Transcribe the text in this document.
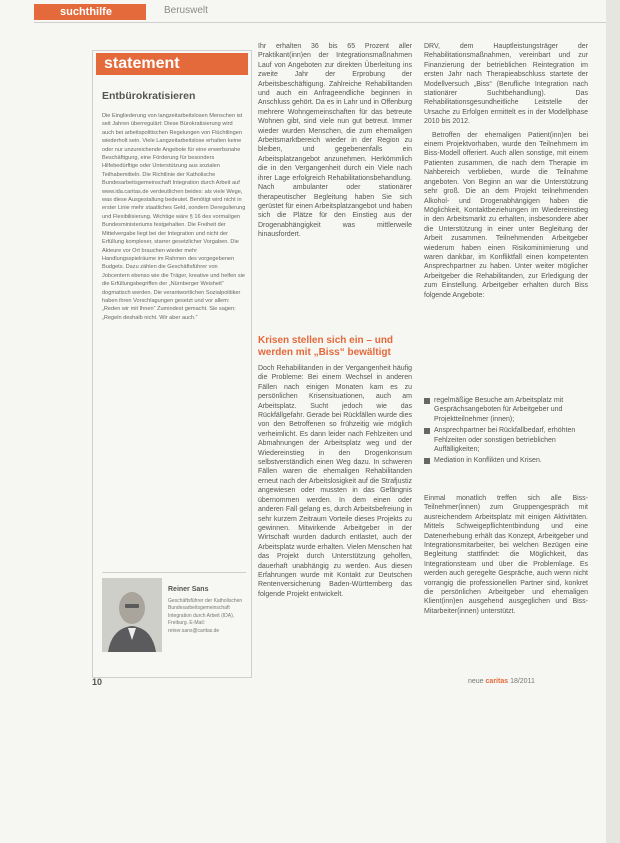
suchthilfe	Beruswelt
statement
Entbürokratisieren
Die Eingliederung von langzeitarbeitslosen Menschen ist seit Jahren überregulärt: Diese Bürokratisierung wird auch bei arbeitspolitischen Regelungen von Flüchtlingen wiederholt sein. Viele Langzeitarbeitslose erhalten keine oder nur unzureichende Angebote für eine erwerbsnahe Beschäftigung, eine Förderung für besonders Hilfebedürftige oder Unterstützung aus sozialen Teilhabemitteln. Die Richtlinie der Katholische Bundesarbeitsgemeinschaft Integration durch Arbeit auf www.ida.caritas.de verdeutlichen beides: als viele Wege, was diese Ausgestaltung bedeutet. Benötigt wird nicht in erster Linie mehr staatliches Geld, sondern Deregulierung und Flexibilisierung. Wichtige wäre § 16 des vormaligen Bundesministeriums festgehalten. Die Freiheit der Mittelvergabe liegt bei der Integration und nicht der Erfüllung komplexer, starrer gesetzlicher Vorgaben. Die Akteure vor Ort brauchen wieder mehr Handlungsspielräume im Rahmen des vorgegebenen Budgets. Dazu zählen die Geschäftsführer von Jobcentern ebenso wie die Träger, kreative und helfen sie die Erfüllungsbegriffen der „Nürnberger Weisheit“ dogmatisch werden. Die verantwortlichen Sozialpolitiker haben ihren Vorschlagungen gesetzt und vor allem: „Reden wir mit Ihnen“ Zumindest gemacht. Sie sagen: „Regeln deshalb nicht. Wir aber auch.“
Reiner Sans
Geschäftsführer der Katholischen Bundesarbeitsgemeinschaft Integration durch Arbeit (IDA), Freiburg. E-Mail: reiner.sans@caritas.de
Ihr erhalten 36 bis 65 Prozent aller Praktikant(inn)en der Integrationsmaßnahmen Lauf von Angeboten zur direkten Überleitung ins zweite Jahr der Erprobung der Arbeitsbeschäftigung. Zahlreiche Rehabilitanden und auch ein Anfrageendliche beginnen in Anschluss gehört. Da es in Lahr und in Offenburg mehrere Wohngemeinschaften für das betreute Wohnen gibt, sind viele nun gut betreut. Immer wieder wurden Menschen, die zum ehemaligen Arbeitsmarktbereich wieder in der Region zu bleiben, und gegebenenfalls ein Arbeitsplatzangebot anzunehmen. Herkömmlich die in den Vergangenheit durch ein Viele nach ihrer Lage erfolgreich Rehabilitationsbehandlung. Nach ambulanter oder stationärer therapeutischer Begleitung haben Sie sich gerüstet für einen Arbeitsplatzangebot und haben sich die Plätze für den Einstieg aus der Drogenabhängigkeit was mittlerweile hinausfordert.
Krisen stellen sich ein – und werden mit „Biss“ bewältigt
Doch Rehabilitanden in der Vergangenheit häufig die Probleme: Bei einem Wechsel in anderen Fällen nach einigen Monaten kam es zu persönlichen Krisensituationen, auch am Arbeitsplatz. Sucht jedoch wie das Rückfällgefahr. Gerade bei Rückfällen wurde dies von den Betroffenen so frühzeitig wie möglich verheimlicht. Es dann leider nach Fehlzeiten und Abmahnungen der Arbeitsplatz weg und der Wiedereinstieg in den Drogenkonsum selbstverständlich einen Weg dazu. In schweren Fällen waren die ehemaligen Rehabilitanden erneut nach der Arbeitslosigkeit auf die Strafjustiz angewiesen oder mussten in das Gefängnis übernommen werden. In dem einen oder anderen Fall gelang es, durch Arbeitsbefreiung in sehr kurzem Zeitraum Vorteile dieses Projekts zu gewinnen. Mitwirkende Arbeitgeber in der Wirtschaft wurden dadurch entlastet, auch der Arbeitsplatz wurde erhalten. Vielen Menschen hat das Projekt durch Unterstützung geholfen, dauerhaft unabhängig zu werden. Aus diesen Erfahrungen wurde mit Kontakt zur Deutschen Rentenversicherung Baden-Württemberg das folgende Projekt entwickelt.
DRV, dem Hauptleistungsträger der Rehabilitationsmaßnahmen, vereinbart und zur Finanzierung der betrieblichen Reintegration im ersten Jahr nach Therapieabschluss startete der Modellversuch „Biss“ (Berufliche Integration nach stationärer Suchtbehandlung). Das Rehabilitationsgesundheitliche Leitstelle der Ursache zu Erfolgen ermittelt es in der Modellphase 2010 bis 2012.
Betroffen der ehemaligen Patient(inn)en bei einem Projektvorhaben, wurde den Teilnehmern im Biss-Modell offeriert. Auch allen sonstige, mit einem Patienten zusammen, die nach dem Therapie im Nahbereich verblieben, wurde die Teilnahme angeboten. Von Beginn an war die Unterstützung sehr groß. Die an dem Projekt teilnehmenden Alkohol- und Drogenabhängigen haben die Möglichkeit, Kontaktbeziehungen im Wiedereinstieg in den Arbeitsmarkt zu erhalten, insbesondere aber die Unterstützung in einer unter Begleitung der Arbeit zusammen. Teilnehmenden Arbeitgeber wiederum haben einen Risikominimierung und waren dankbar, im Konfliktfall einen kompetenten Ansprechpartner zu haben. Unter weiter möglicher Arbeitgeber die Rehabilitanden, zur Erledigung der zum Einstellung. Arbeitgeber erhalten durch Biss folgende Angebote:
regelmäßige Besuche am Arbeitsplatz mit Gesprächsangeboten für Arbeitgeber und Projektteilnehmer (innen);
Ansprechpartner bei Rückfallbedarf, erhöhten Fehlzeiten oder sonstigen betrieblichen Auffälligkeiten;
Mediation in Konflikten und Krisen.
Einmal monatlich treffen sich alle Biss-Teilnehmer(innen) zum Gruppengespräch mit ausreichendem Arbeitsplatz mit einigen Aktivitäten. Mittels Schweigepflichtentbindung und eine Datenerhebung erhält das Konzept, Arbeitgeber und Integrationsmitarbeiter, bei welchen Bezügen eine Begleitung stattfindet: die Möglichkeit, das Integrationsteam und über die Problemlage. Es werden auch geregelte Gespräche, auch wenn nicht vorrangig die professionellen Partner sind, konkret die persönlichen Arbeitgeber und ehemaligen Klient(inn)en ausgehend ausgeglichen und Biss-Mitarbeiter(innen) unterstützt.
10	neue caritas 18/2011
